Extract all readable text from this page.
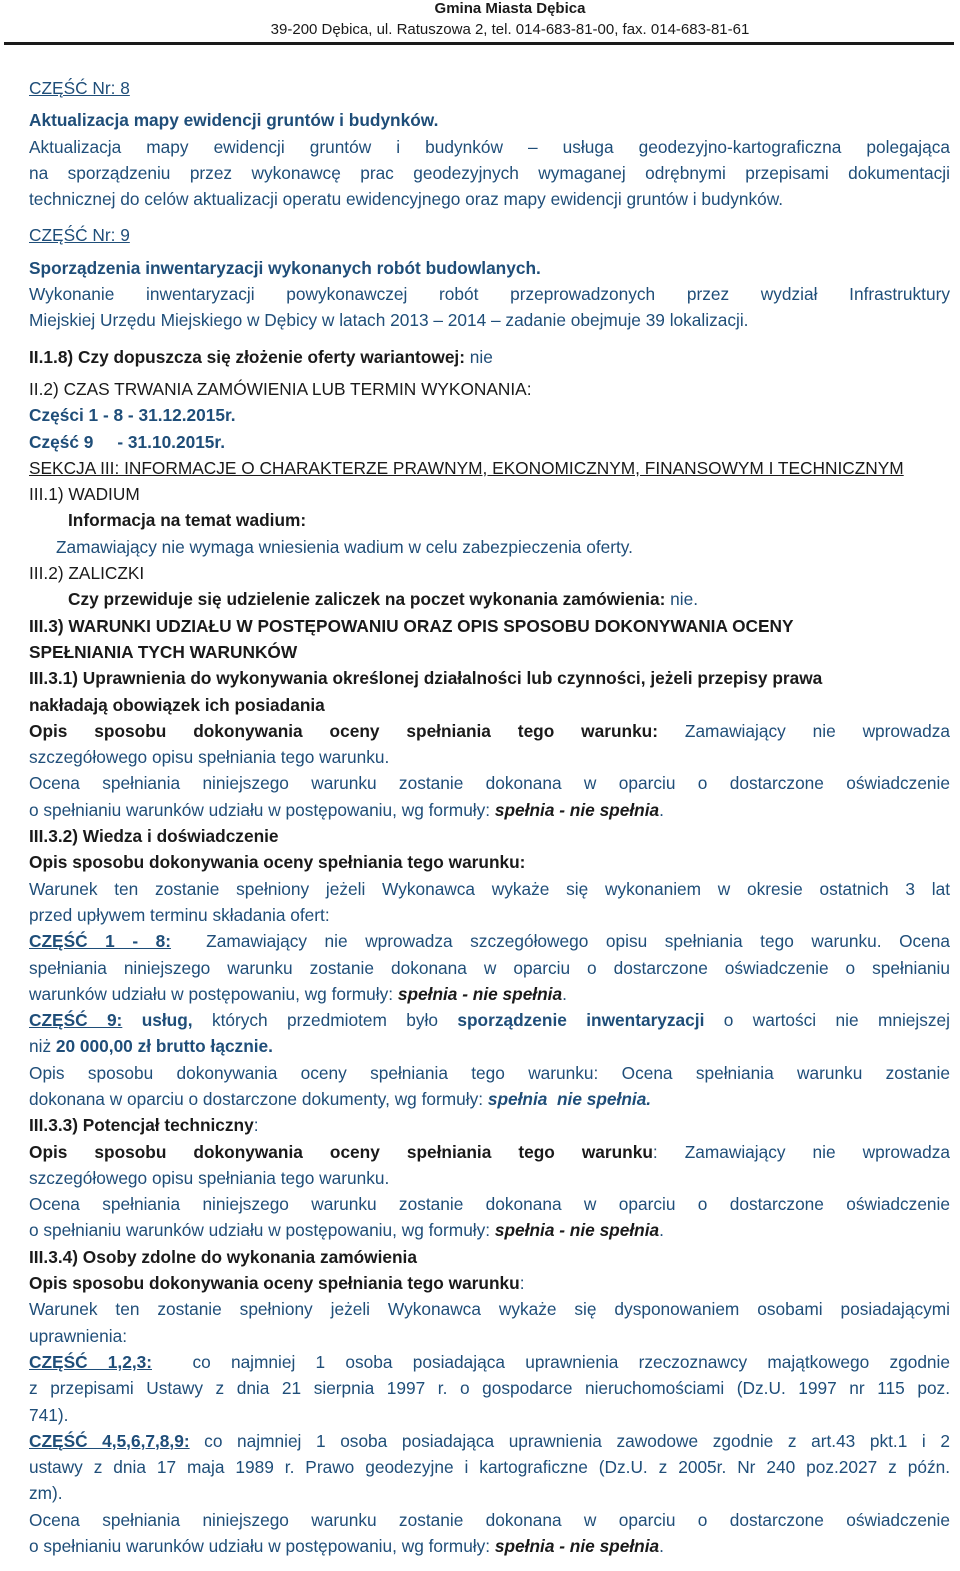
Gmina Miasta Dębica
39-200 Dębica, ul. Ratuszowa 2, tel. 014-683-81-00, fax. 014-683-81-61

CZĘŚĆ Nr: 8

Aktualizacja mapy ewidencji gruntów i budynków.

Aktualizacja mapy ewidencji gruntów i budynków – usługa geodezyjno-kartograficzna polegająca

na sporządzeniu przez wykonawcę prac geodezyjnych wymaganej odrębnymi przepisami dokumentacji

technicznej do celów aktualizacji operatu ewidencyjnego oraz mapy ewidencji gruntów i budynków.

CZĘŚĆ Nr: 9

Sporządzenia inwentaryzacji wykonanych robót budowlanych.

Wykonanie inwentaryzacji powykonawczej robót przeprowadzonych przez wydział Infrastruktury

Miejskiej Urzędu Miejskiego w Dębicy w latach 2013 – 2014 – zadanie obejmuje 39 lokalizacji.

II.1.8) Czy dopuszcza się złożenie oferty wariantowej: nie

II.2) CZAS TRWANIA ZAMÓWIENIA LUB TERMIN WYKONANIA:

Części 1 - 8 - 31.12.2015r.

Część 9     - 31.10.2015r.

SEKCJA III: INFORMACJE O CHARAKTERZE PRAWNYM, EKONOMICZNYM, FINANSOWYM I TECHNICZNYM

III.1) WADIUM

Informacja na temat wadium:

Zamawiający nie wymaga wniesienia wadium w celu zabezpieczenia oferty.

III.2) ZALICZKI

Czy przewiduje się udzielenie zaliczek na poczet wykonania zamówienia: nie.

III.3) WARUNKI UDZIAŁU W POSTĘPOWANIU ORAZ OPIS SPOSOBU DOKONYWANIA OCENY

SPEŁNIANIA TYCH WARUNKÓW

III.3.1) Uprawnienia do wykonywania określonej działalności lub czynności, jeżeli przepisy prawa

nakładają obowiązek ich posiadania

Opis sposobu dokonywania oceny spełniania tego warunku: Zamawiający nie wprowadza

szczegółowego opisu spełniania tego warunku.

Ocena spełniania niniejszego warunku zostanie dokonana w oparciu o dostarczone oświadczenie

o spełnianiu warunków udziału w postępowaniu, wg formuły: spełnia - nie spełnia.

III.3.2) Wiedza i doświadczenie

Opis sposobu dokonywania oceny spełniania tego warunku:

Warunek ten zostanie spełniony jeżeli Wykonawca wykaże się wykonaniem w okresie ostatnich 3 lat

przed upływem terminu składania ofert:

CZĘŚĆ 1 - 8:  Zamawiający nie wprowadza szczegółowego opisu spełniania tego warunku. Ocena

spełniania niniejszego warunku zostanie dokonana w oparciu o dostarczone oświadczenie o spełnianiu

warunków udziału w postępowaniu, wg formuły: spełnia - nie spełnia.

CZĘŚĆ 9: usług, których przedmiotem było sporządzenie inwentaryzacji o wartości nie mniejszej

niż 20 000,00 zł brutto łącznie.

Opis sposobu dokonywania oceny spełniania tego warunku: Ocena spełniania warunku zostanie

dokonana w oparciu o dostarczone dokumenty, wg formuły: spełnia  nie spełnia.

III.3.3) Potencjał techniczny:

Opis sposobu dokonywania oceny spełniania tego warunku: Zamawiający nie wprowadza

szczegółowego opisu spełniania tego warunku.

Ocena spełniania niniejszego warunku zostanie dokonana w oparciu o dostarczone oświadczenie

o spełnianiu warunków udziału w postępowaniu, wg formuły: spełnia - nie spełnia.

III.3.4) Osoby zdolne do wykonania zamówienia

Opis sposobu dokonywania oceny spełniania tego warunku:

Warunek ten zostanie spełniony jeżeli Wykonawca wykaże się dysponowaniem osobami posiadającymi

uprawnienia:

CZĘŚĆ 1,2,3:  co najmniej 1 osoba posiadająca uprawnienia rzeczoznawcy majątkowego zgodnie

z przepisami Ustawy z dnia 21 sierpnia 1997 r. o gospodarce nieruchomościami (Dz.U. 1997 nr 115 poz.

741).

CZĘŚĆ 4,5,6,7,8,9: co najmniej 1 osoba posiadająca uprawnienia zawodowe zgodnie z art.43 pkt.1 i 2

ustawy z dnia 17 maja 1989 r. Prawo geodezyjne i kartograficzne (Dz.U. z 2005r. Nr 240 poz.2027 z późn.

zm).

Ocena spełniania niniejszego warunku zostanie dokonana w oparciu o dostarczone oświadczenie

o spełnianiu warunków udziału w postępowaniu, wg formuły: spełnia - nie spełnia.
